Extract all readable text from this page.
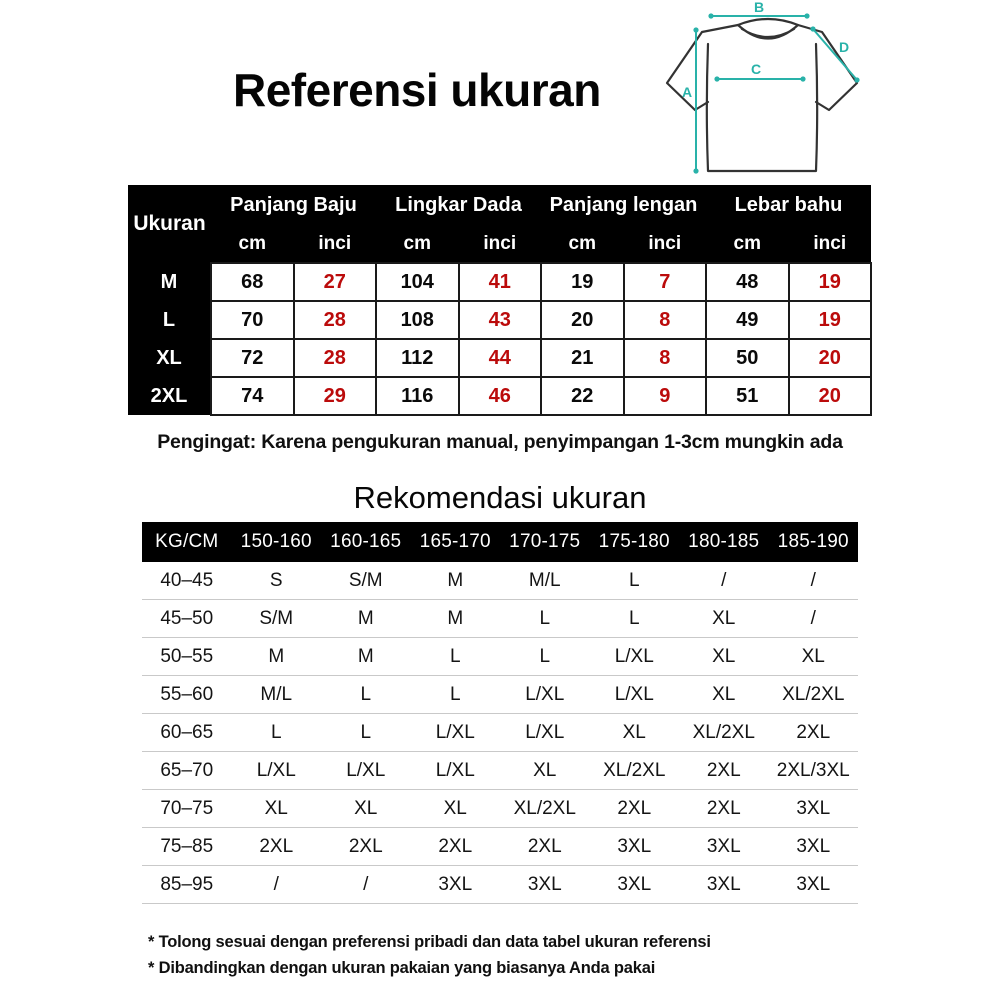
Referensi ukuran
B
A
C
D
Ukuran	Panjang Baju		Lingkar Dada		Panjang lengan		Lebar bahu	
	cm	inci	cm	inci	cm	inci	cm	inci
M	68	27	104	41	19	7	48	19
L	70	28	108	43	20	8	49	19
XL	72	28	112	44	21	8	50	20
2XL	74	29	116	46	22	9	51	20
Pengingat: Karena pengukuran manual, penyimpangan 1-3cm mungkin ada
Rekomendasi ukuran
KG/CM	150-160	160-165	165-170	170-175	175-180	180-185	185-190
40–45	S	S/M	M	M/L	L	/	/
45–50	S/M	M	M	L	L	XL	/
50–55	M	M	L	L	L/XL	XL	XL
55–60	M/L	L	L	L/XL	L/XL	XL	XL/2XL
60–65	L	L	L/XL	L/XL	XL	XL/2XL	2XL
65–70	L/XL	L/XL	L/XL	XL	XL/2XL	2XL	2XL/3XL
70–75	XL	XL	XL	XL/2XL	2XL	2XL	3XL
75–85	2XL	2XL	2XL	2XL	3XL	3XL	3XL
85–95	/	/	3XL	3XL	3XL	3XL	3XL
* Tolong sesuai dengan preferensi pribadi dan data tabel ukuran referensi
* Dibandingkan dengan ukuran pakaian yang biasanya Anda pakai
